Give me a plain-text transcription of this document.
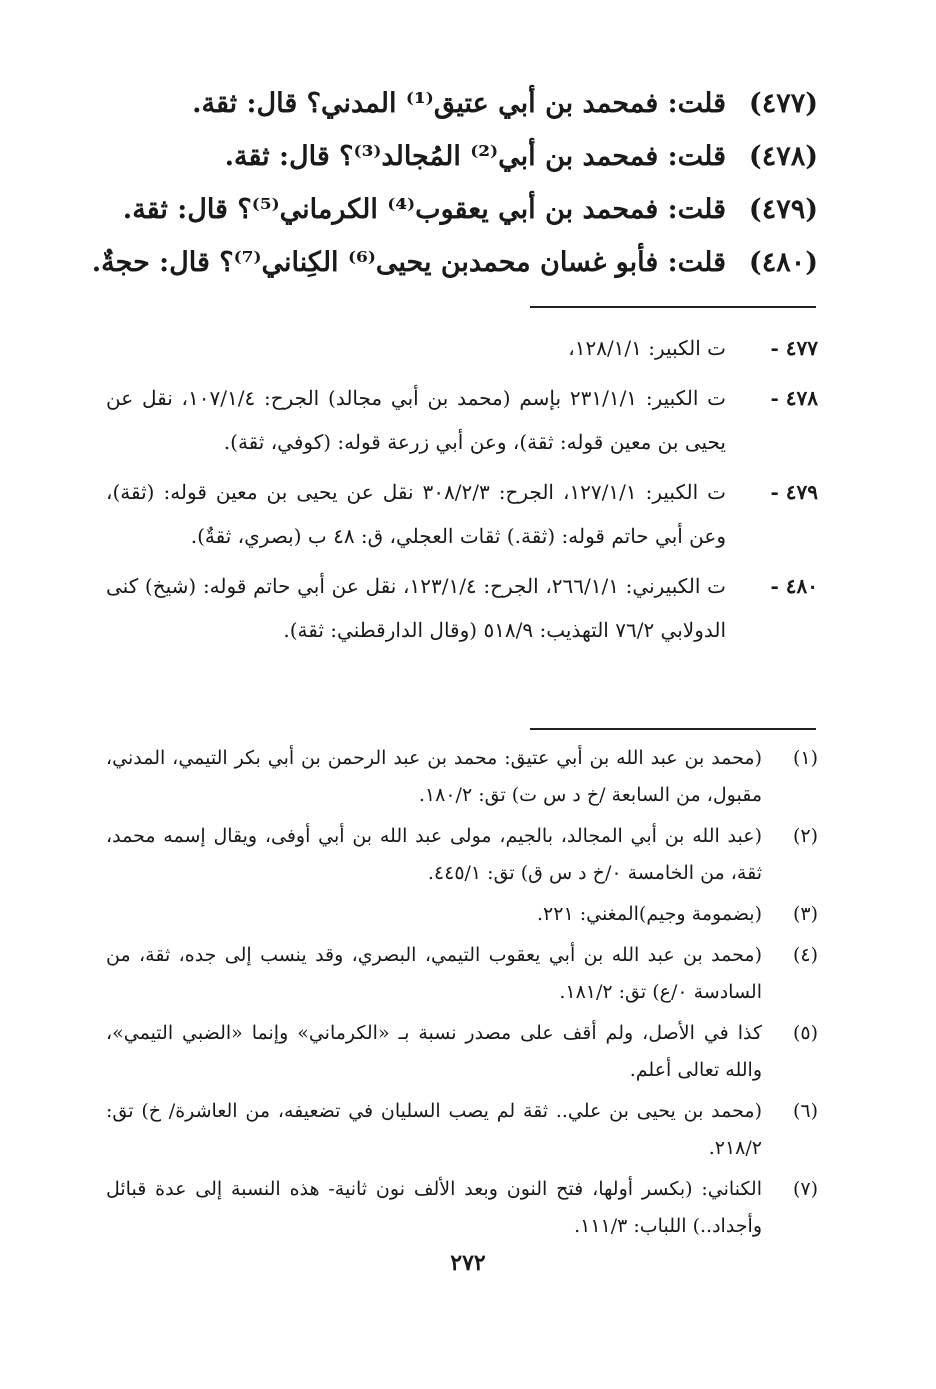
(٤٧٧)
قلت: فمحمد بن أبي عتيق⁽¹⁾ المدني؟ قال: ثقة.
(٤٧٨)
قلت: فمحمد بن أبي⁽²⁾ المُجالد⁽³⁾؟ قال: ثقة.
(٤٧٩)
قلت: فمحمد بن أبي يعقوب⁽⁴⁾ الكرماني⁽⁵⁾؟ قال: ثقة.
(٤٨٠)
قلت: فأبو غسان محمدبن يحيى⁽⁶⁾ الكِناني⁽⁷⁾؟ قال: حجةٌ.
٤٧٧ -
ت الكبير: ١٢٨/١/١،
٤٧٨ -
ت الكبير: ٢٣١/١/١ بإسم (محمد بن أبي مجالد) الجرح: ١٠٧/١/٤، نقل عن يحيى بن معين قوله: ثقة)، وعن أبي زرعة قوله: (كوفي، ثقة).
٤٧٩ -
ت الكبير: ١٢٧/١/١، الجرح: ٣٠٨/٢/٣ نقل عن يحيى بن معين قوله: (ثقة)، وعن أبي حاتم قوله: (ثقة.) ثقات العجلي، ق: ٤٨ ب (بصري، ثقةٌ).
٤٨٠ -
ت الكبيرني: ٢٦٦/١/١، الجرح: ١٢٣/١/٤، نقل عن أبي حاتم قوله: (شيخ) كنى الدولابي ٧٦/٢ التهذيب: ٥١٨/٩ (وقال الدارقطني: ثقة).
(١)
(محمد بن عبد الله بن أبي عتيق: محمد بن عبد الرحمن بن أبي بكر التيمي، المدني، مقبول، من السابعة /خ د س ت) تق: ١٨٠/٢.
(٢)
(عبد الله بن أبي المجالد، بالجيم، مولى عبد الله بن أبي أوفى، ويقال إسمه محمد، ثقة، من الخامسة ٠/خ د س ق) تق: ٤٤٥/١.
(٣)
(بضمومة وجيم)المغني: ٢٢١.
(٤)
(محمد بن عبد الله بن أبي يعقوب التيمي، البصري، وقد ينسب إلى جده، ثقة، من السادسة ٠/ع) تق: ١٨١/٢.
(٥)
كذا في الأصل، ولم أقف على مصدر نسبة بـ «الكرماني» وإنما «الضبي التيمي»، والله تعالى أعلم.
(٦)
(محمد بن يحيى بن علي.. ثقة لم يصب السليان في تضعيفه، من العاشرة/ خ) تق: ٢١٨/٢.
(٧)
الكناني: (بكسر أولها، فتح النون وبعد الألف نون ثانية- هذه النسبة إلى عدة قبائل وأجداد..) اللباب: ١١١/٣.
٢٧٢
